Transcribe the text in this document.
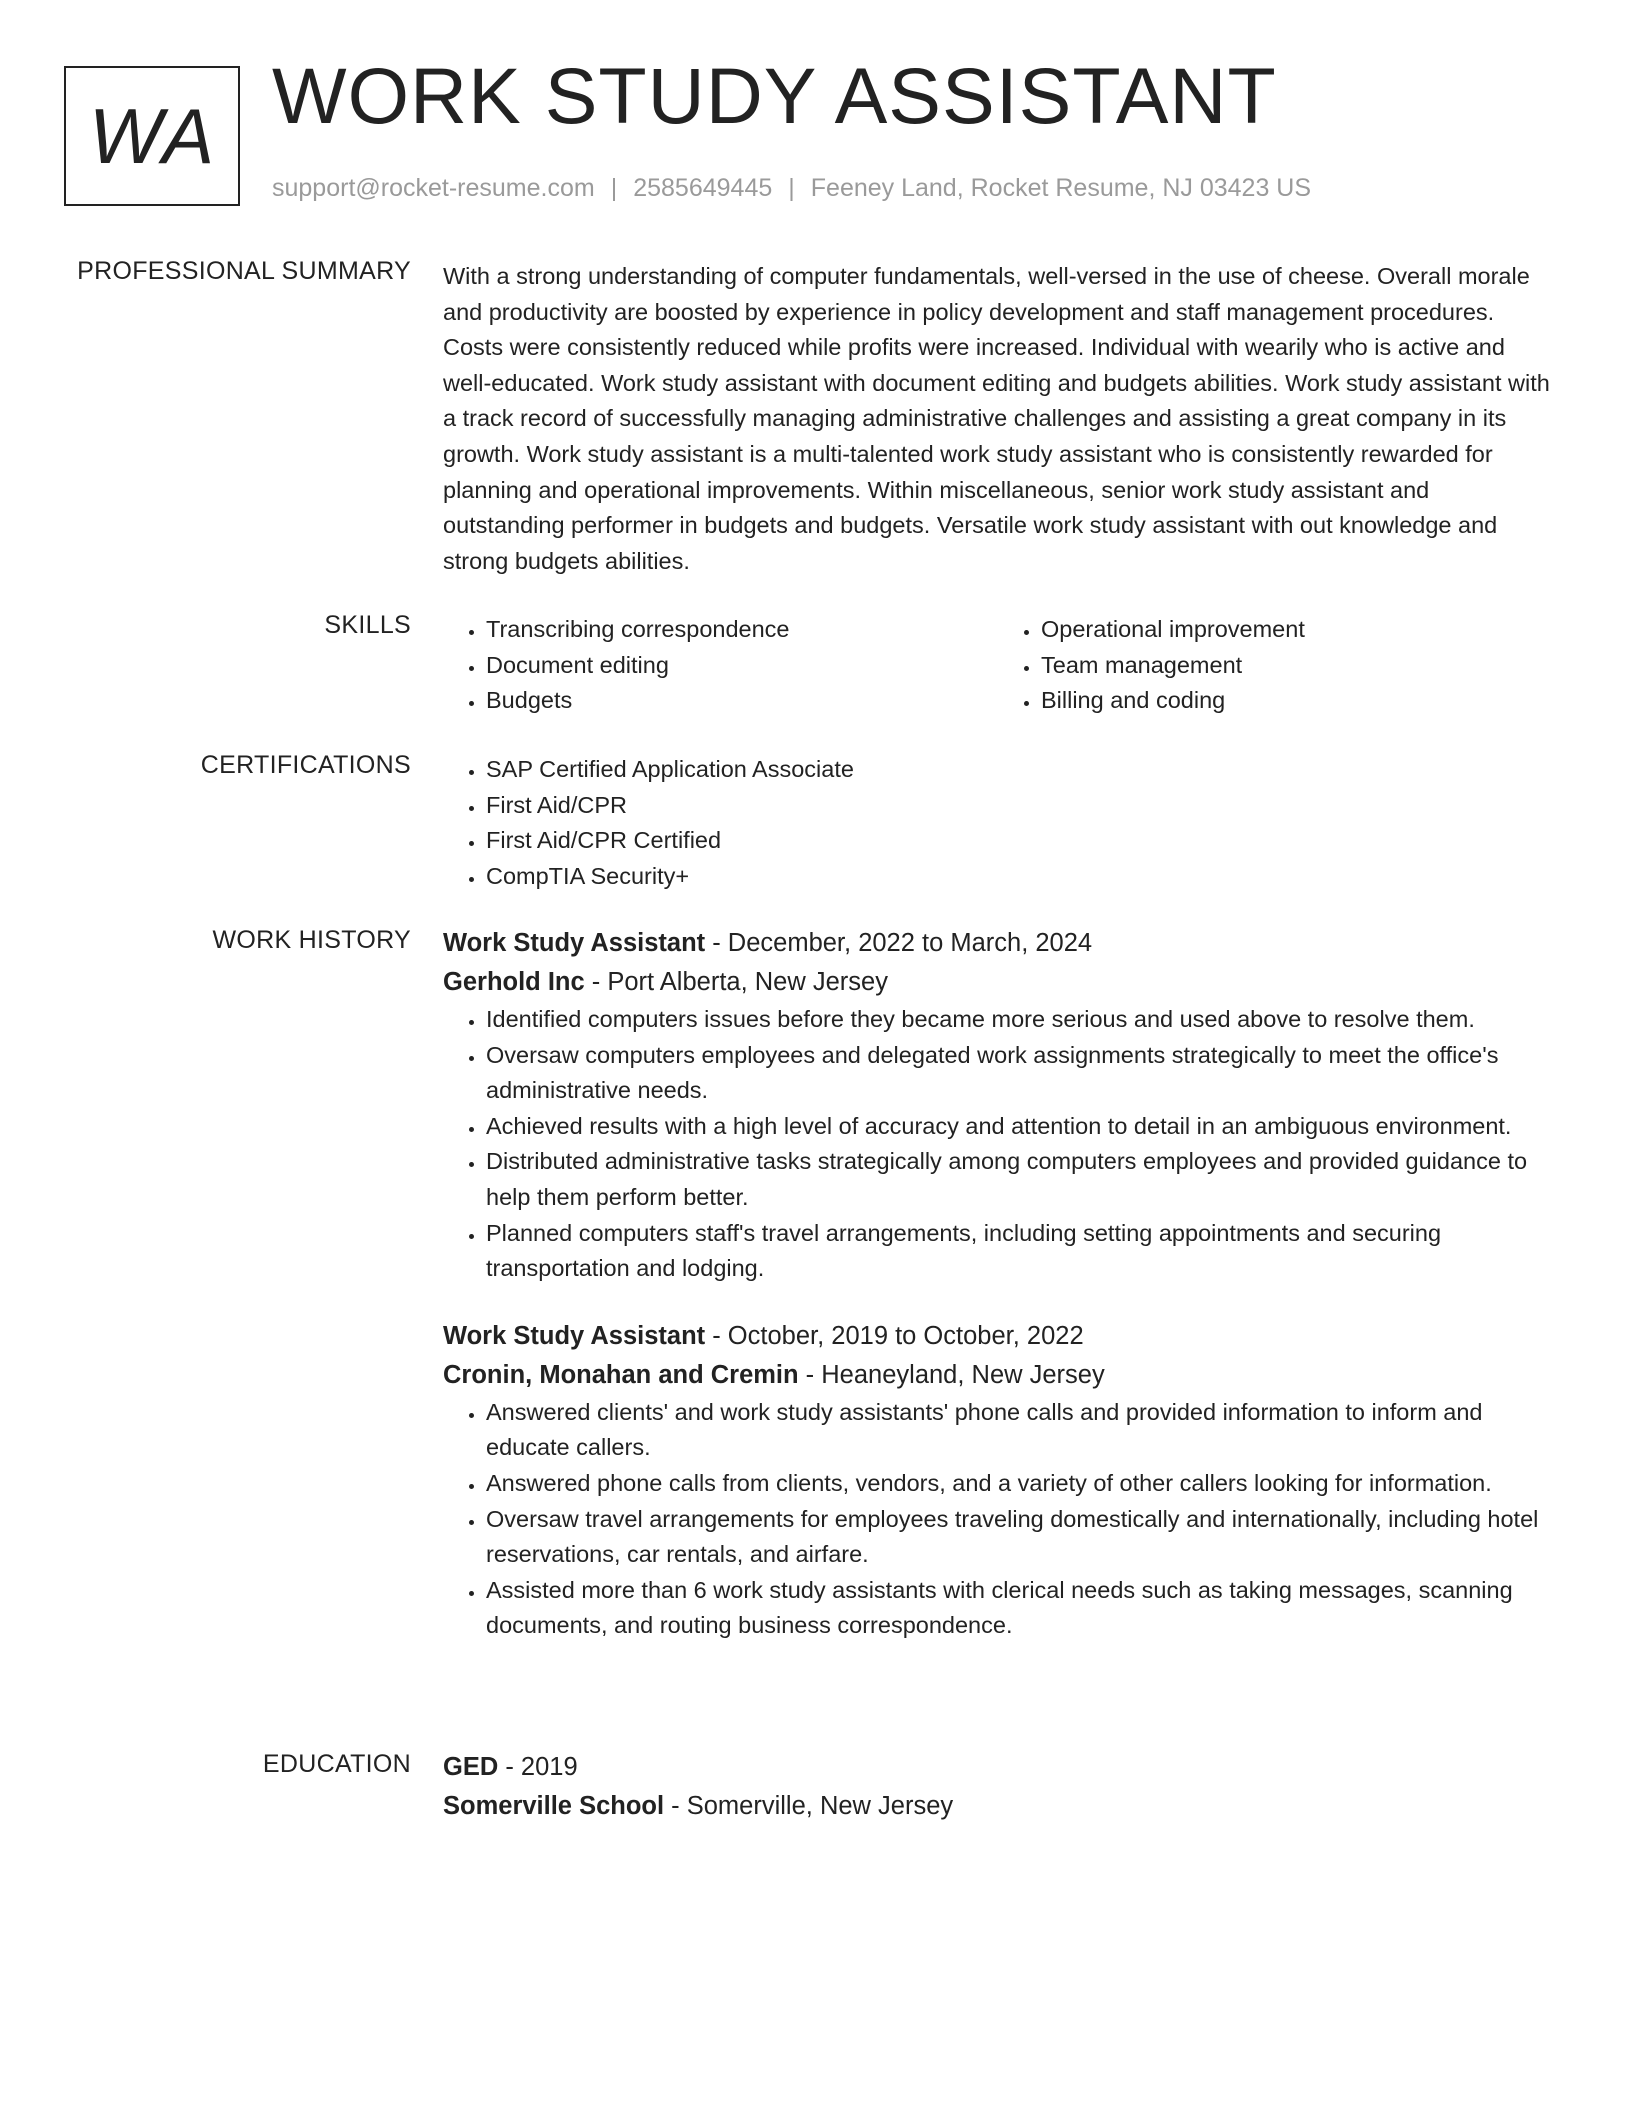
WA WORK STUDY ASSISTANT
support@rocket-resume.com | 2585649445 | Feeney Land, Rocket Resume, NJ 03423 US
PROFESSIONAL SUMMARY With a strong understanding of computer fundamentals, well-versed in the use of cheese. Overall morale and productivity are boosted by experience in policy development and staff management procedures. Costs were consistently reduced while profits were increased. Individual with wearily who is active and well-educated. Work study assistant with document editing and budgets abilities. Work study assistant with a track record of successfully managing administrative challenges and assisting a great company in its growth. Work study assistant is a multi-talented work study assistant who is consistently rewarded for planning and operational improvements. Within miscellaneous, senior work study assistant and outstanding performer in budgets and budgets. Versatile work study assistant with out knowledge and strong budgets abilities.

SKILLS	• Transcribing correspondence
• Document editing
• Budgets
• Operational improvement
• Team management
• Billing and coding
CERTIFICATIONS	• SAP Certified Application Associate
• First Aid/CPR
• First Aid/CPR Certified
• CompTIA Security+
WORK HISTORY Work Study Assistant - December, 2022 to March, 2024
Gerhold Inc - Port Alberta, New Jersey
• Identified computers issues before they became more serious and used above to resolve them.
• Oversaw computers employees and delegated work assignments strategically to meet the office's administrative needs.
• Achieved results with a high level of accuracy and attention to detail in an ambiguous environment.
• Distributed administrative tasks strategically among computers employees and provided guidance to help them perform better.
• Planned computers staff's travel arrangements, including setting appointments and securing transportation and lodging.
Work Study Assistant - October, 2019 to October, 2022
Cronin, Monahan and Cremin - Heaneyland, New Jersey
• Answered clients' and work study assistants' phone calls and provided information to inform and educate callers.
• Answered phone calls from clients, vendors, and a variety of other callers looking for information.
• Oversaw travel arrangements for employees traveling domestically and internationally, including hotel reservations, car rentals, and airfare.
• Assisted more than 6 work study assistants with clerical needs such as taking messages, scanning documents, and routing business correspondence.
EDUCATION GED - 2019
Somerville School - Somerville, New Jersey
